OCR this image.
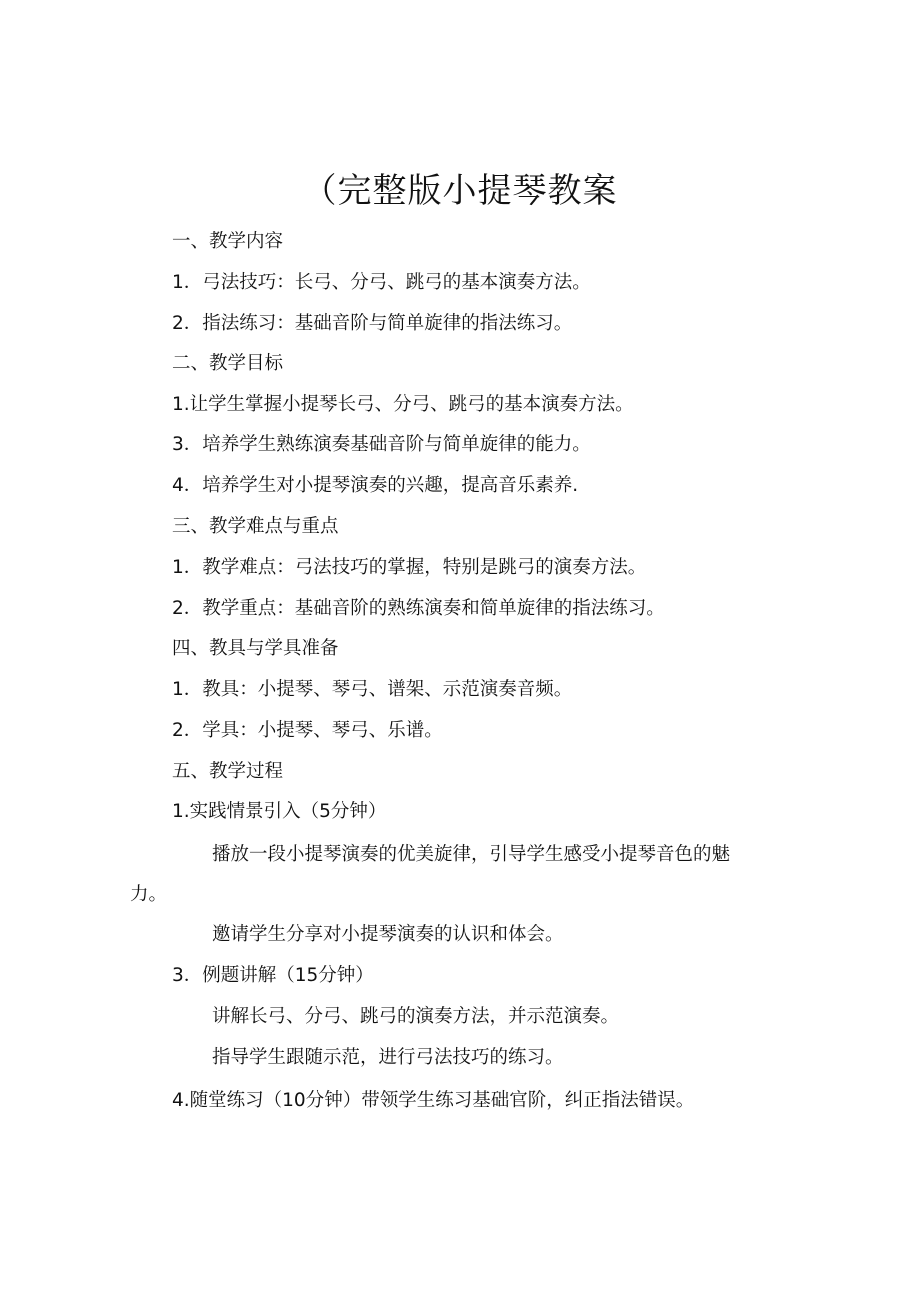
（完整版小提琴教案
一、教学内容
1．弓法技巧：长弓、分弓、跳弓的基本演奏方法。
2．指法练习：基础音阶与简单旋律的指法练习。
二、教学目标
1.让学生掌握小提琴长弓、分弓、跳弓的基本演奏方法。
3．培养学生熟练演奏基础音阶与简单旋律的能力。
4．培养学生对小提琴演奏的兴趣，提高音乐素养.
三、教学难点与重点
1．教学难点：弓法技巧的掌握，特别是跳弓的演奏方法。
2．教学重点：基础音阶的熟练演奏和简单旋律的指法练习。
四、教具与学具准备
1．教具：小提琴、琴弓、谱架、示范演奏音频。
2．学具：小提琴、琴弓、乐谱。
五、教学过程
1.实践情景引入（5分钟）
播放一段小提琴演奏的优美旋律，引导学生感受小提琴音色的魅
力。
邀请学生分享对小提琴演奏的认识和体会。
3．例题讲解（15分钟）
讲解长弓、分弓、跳弓的演奏方法，并示范演奏。
指导学生跟随示范，进行弓法技巧的练习。
4.随堂练习（10分钟）带领学生练习基础官阶，纠正指法错误。
